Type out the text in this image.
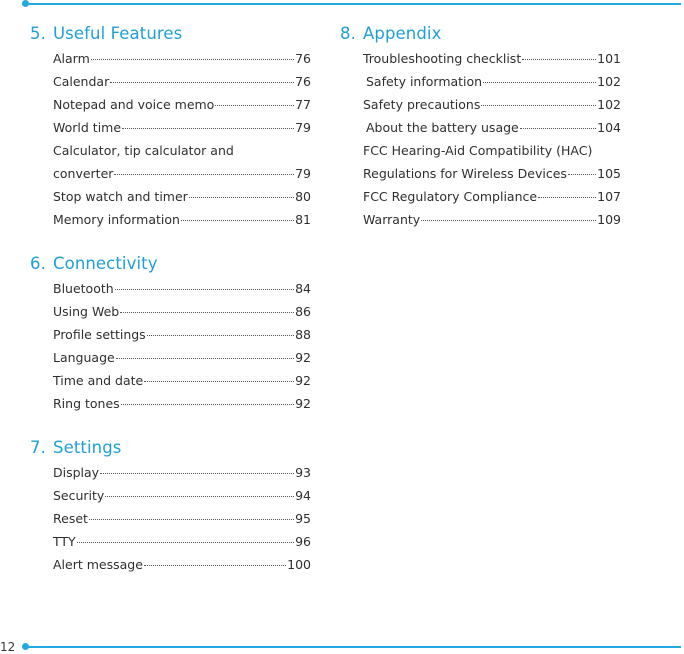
5. Useful Features
Alarm	76
Calendar	76
Notepad and voice memo	77
World time	79
Calculator, tip calculator and
converter	79
Stop watch and timer	80
Memory information	81
6. Connectivity
Bluetooth	84
Using Web	86
Profile settings	88
Language	92
Time and date	92
Ring tones	92
7. Settings
Display	93
Security	94
Reset	95
TTY	96
Alert message	100
8. Appendix
Troubleshooting checklist	101
Safety information	102
Safety precautions	102
About the battery usage	104
FCC Hearing-Aid Compatibility (HAC)
Regulations for Wireless Devices 105
FCC Regulatory Compliance	107
Warranty	109
12
